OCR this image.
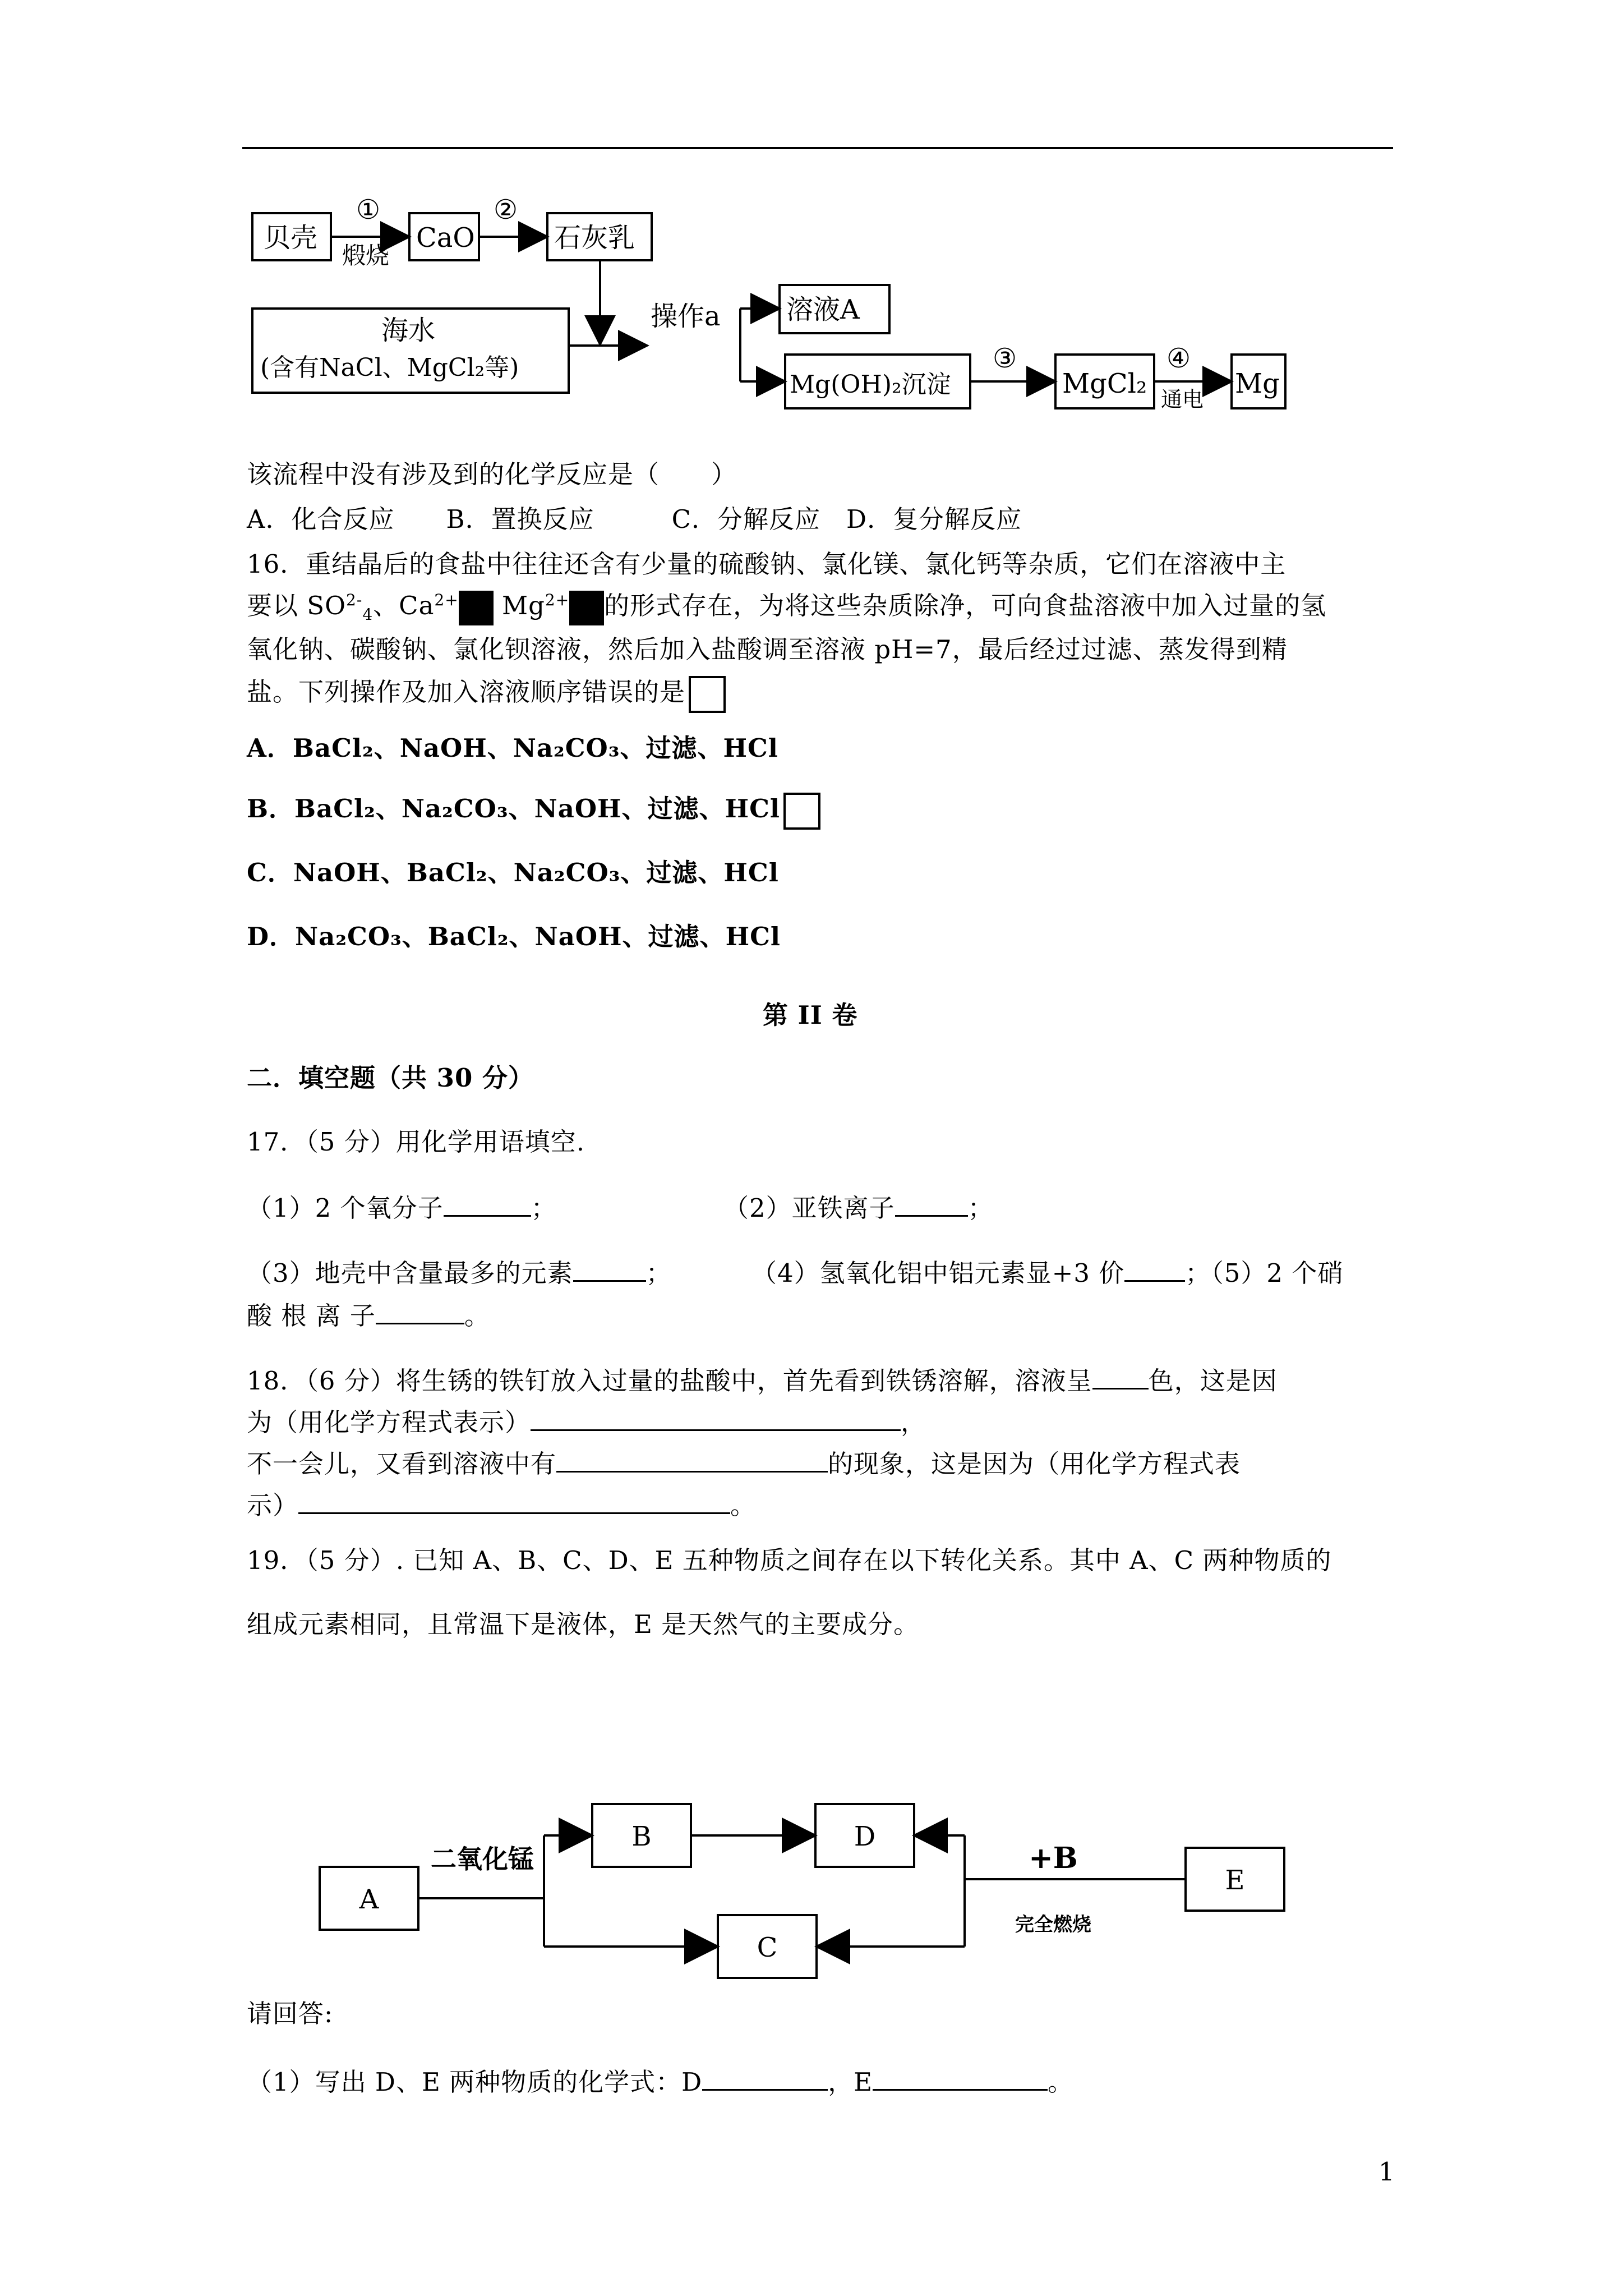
贝壳	CaO	石灰乳
①
煅烧
②
海水
(含有NaCl、MgCl₂等)
操作a 溶液A
Mg(OH)₂沉淀
③
MgCl₂
④
通电 Mg
该流程中没有涉及到的化学反应是（　　）
A．化合反应　　B．置换反应　　　C．分解反应　D．复分解反应
16．重结晶后的食盐中往往还含有少量的硫酸钠、氯化镁、氯化钙等杂质，它们在溶液中主
要以 $SO^{2-}_4$、$Ca^{2+}$ $Mg^{2+}$ 的形式存在，为将这些杂质除净，可向食盐溶液中加入过量的氢
氧化钠、碳酸钠、氯化钡溶液，然后加入盐酸调至溶液 pH=7，最后经过过滤、蒸发得到精
盐。下列操作及加入溶液顺序错误的是
A．BaCl₂、NaOH、Na₂CO₃、过滤、HCl
B．BaCl₂、Na₂CO₃、NaOH、过滤、HCl
C．NaOH、BaCl₂、Na₂CO₃、过滤、HCl
D．Na₂CO₃、BaCl₂、NaOH、过滤、HCl
第 II 卷
二．填空题（共 30 分）
17．（5 分）用化学用语填空.
（1）2 个氧分子	；	（2）亚铁离子	；
（3）地壳中含量最多的元素	；	（4）氢氧化铝中铝元素显+3 价 ；（5）2 个硝
酸 根 离 子	。
18．（6 分）将生锈的铁钉放入过量的盐酸中，首先看到铁锈溶解，溶液呈 色，这是因
为（用化学方程式表示）	，
不一会儿，又看到溶液中有	的现象，这是因为（用化学方程式表
示）	。
19．（5 分）. 已知 A、B、C、D、E 五种物质之间存在以下转化关系。其中 A、C 两种物质的
组成元素相同，且常温下是液体，E 是天然气的主要成分。
A
B	D
C
E
二氧化锰	+B
完全燃烧
请回答:
（1）写出 D、E 两种物质的化学式：D	，E	。
1
